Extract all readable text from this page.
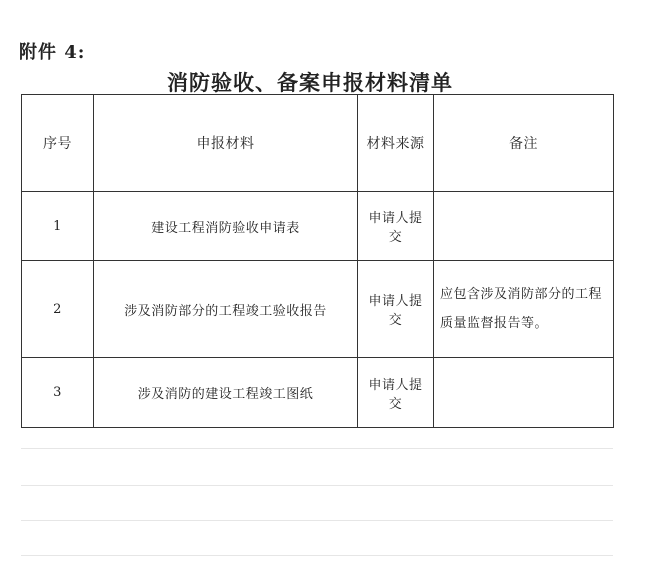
附件 4:
消防验收、备案申报材料清单
序号	申报材料	材料来源	备注
1	建设工程消防验收申请表	申请人提交	
2	涉及消防部分的工程竣工验收报告	申请人提交	应包含涉及消防部分的工程质量监督报告等。
3	涉及消防的建设工程竣工图纸	申请人提交	
